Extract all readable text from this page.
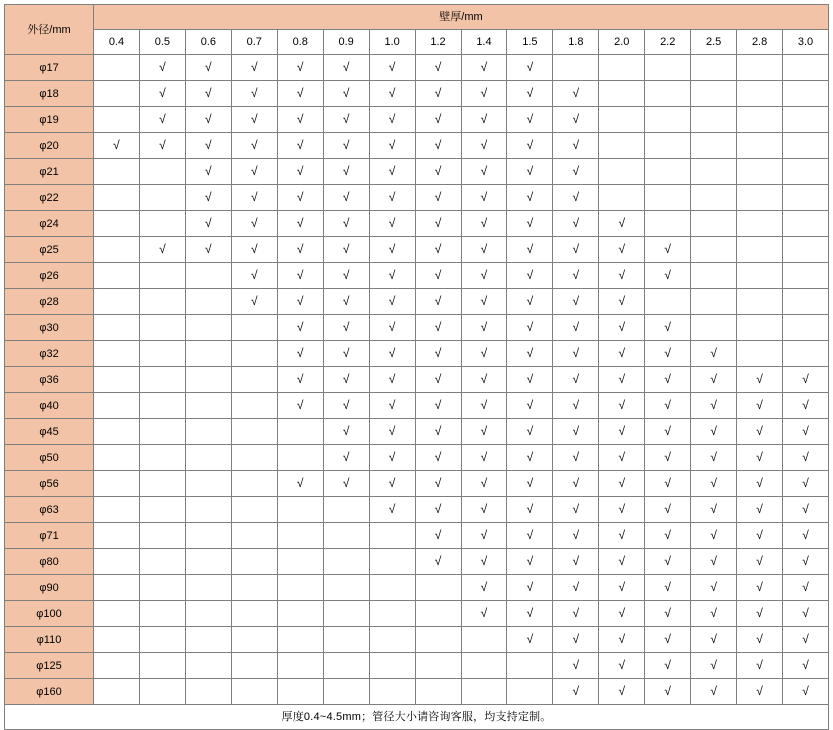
外径/mm	壁厚/mm															
	0.4	0.5	0.6	0.7	0.8	0.9	1.0	1.2	1.4	1.5	1.8	2.0	2.2	2.5	2.8	3.0
φ17		√	√	√	√	√	√	√	√	√						
φ18		√	√	√	√	√	√	√	√	√	√					
φ19		√	√	√	√	√	√	√	√	√	√					
φ20	√	√	√	√	√	√	√	√	√	√	√					
φ21			√	√	√	√	√	√	√	√	√					
φ22			√	√	√	√	√	√	√	√	√					
φ24			√	√	√	√	√	√	√	√	√	√				
φ25		√	√	√	√	√	√	√	√	√	√	√	√			
φ26				√	√	√	√	√	√	√	√	√	√			
φ28				√	√	√	√	√	√	√	√	√				
φ30					√	√	√	√	√	√	√	√	√			
φ32					√	√	√	√	√	√	√	√	√	√		
φ36					√	√	√	√	√	√	√	√	√	√	√	√
φ40					√	√	√	√	√	√	√	√	√	√	√	√
φ45						√	√	√	√	√	√	√	√	√	√	√
φ50						√	√	√	√	√	√	√	√	√	√	√
φ56					√	√	√	√	√	√	√	√	√	√	√	√
φ63							√	√	√	√	√	√	√	√	√	√
φ71								√	√	√	√	√	√	√	√	√
φ80								√	√	√	√	√	√	√	√	√
φ90									√	√	√	√	√	√	√	√
φ100									√	√	√	√	√	√	√	√
φ110										√	√	√	√	√	√	√
φ125											√	√	√	√	√	√
φ160											√	√	√	√	√	√
厚度0.4~4.5mm；管径大小请咨询客服，均支持定制。																
